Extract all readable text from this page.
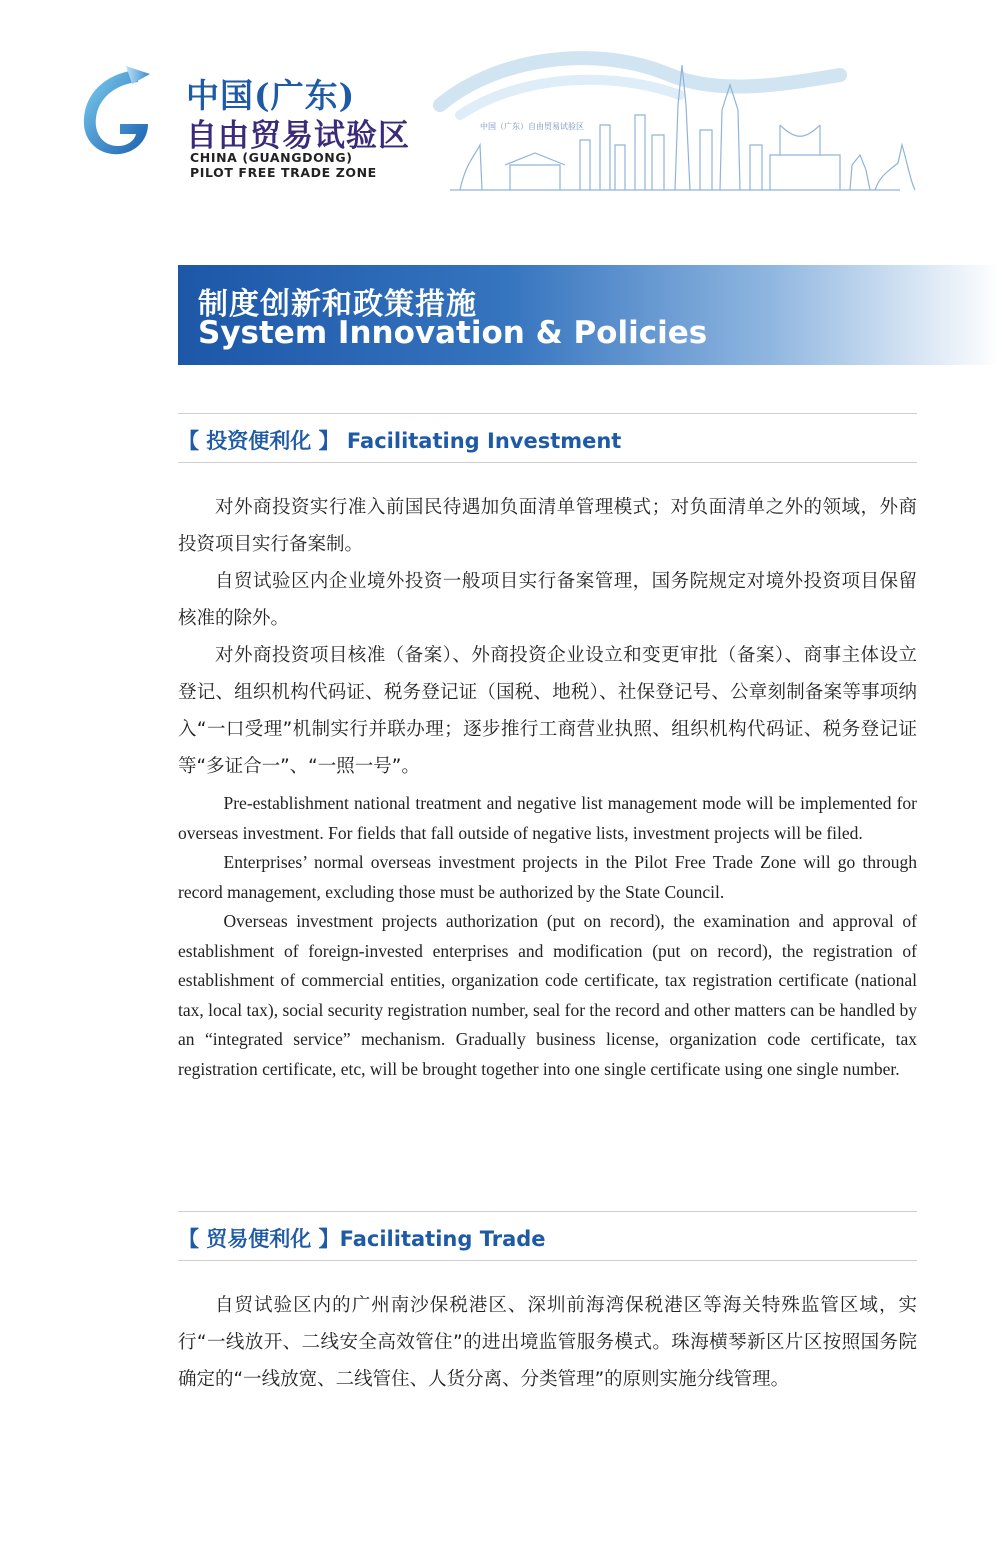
中国(广东)
自由贸易试验区
CHINA (GUANGDONG)
PILOT FREE TRADE ZONE
中国（广东）自由贸易试验区
制度创新和政策措施
System Innovation & Policies
【 投资便利化 】 Facilitating Investment

对外商投资实行准入前国民待遇加负面清单管理模式；对负面清单之外的领域，外商投资项目实行备案制。

自贸试验区内企业境外投资一般项目实行备案管理，国务院规定对境外投资项目保留核准的除外。

对外商投资项目核准（备案）、外商投资企业设立和变更审批（备案）、商事主体设立登记、组织机构代码证、税务登记证（国税、地税）、社保登记号、公章刻制备案等事项纳入“一口受理”机制实行并联办理；逐步推行工商营业执照、组织机构代码证、税务登记证等“多证合一”、“一照一号”。

Pre-establishment national treatment and negative list management mode will be implemented for overseas investment. For fields that fall outside of negative lists, investment projects will be filed.

Enterprises’ normal overseas investment projects in the Pilot Free Trade Zone will go through record management, excluding those must be authorized by the State Council.

Overseas investment projects authorization (put on record), the examination and approval of establishment of foreign-invested enterprises and modification (put on record), the registration of establishment of commercial entities, organization code certificate, tax registration certificate (national tax, local tax), social security registration number, seal for the record and other matters can be handled by an “integrated service” mechanism. Gradually business license, organization code certificate, tax registration certificate, etc, will be brought together into one single certificate using one single number.

【 贸易便利化 】Facilitating Trade

自贸试验区内的广州南沙保税港区、深圳前海湾保税港区等海关特殊监管区域，实行“一线放开、二线安全高效管住”的进出境监管服务模式。珠海横琴新区片区按照国务院确定的“一线放宽、二线管住、人货分离、分类管理”的原则实施分线管理。
